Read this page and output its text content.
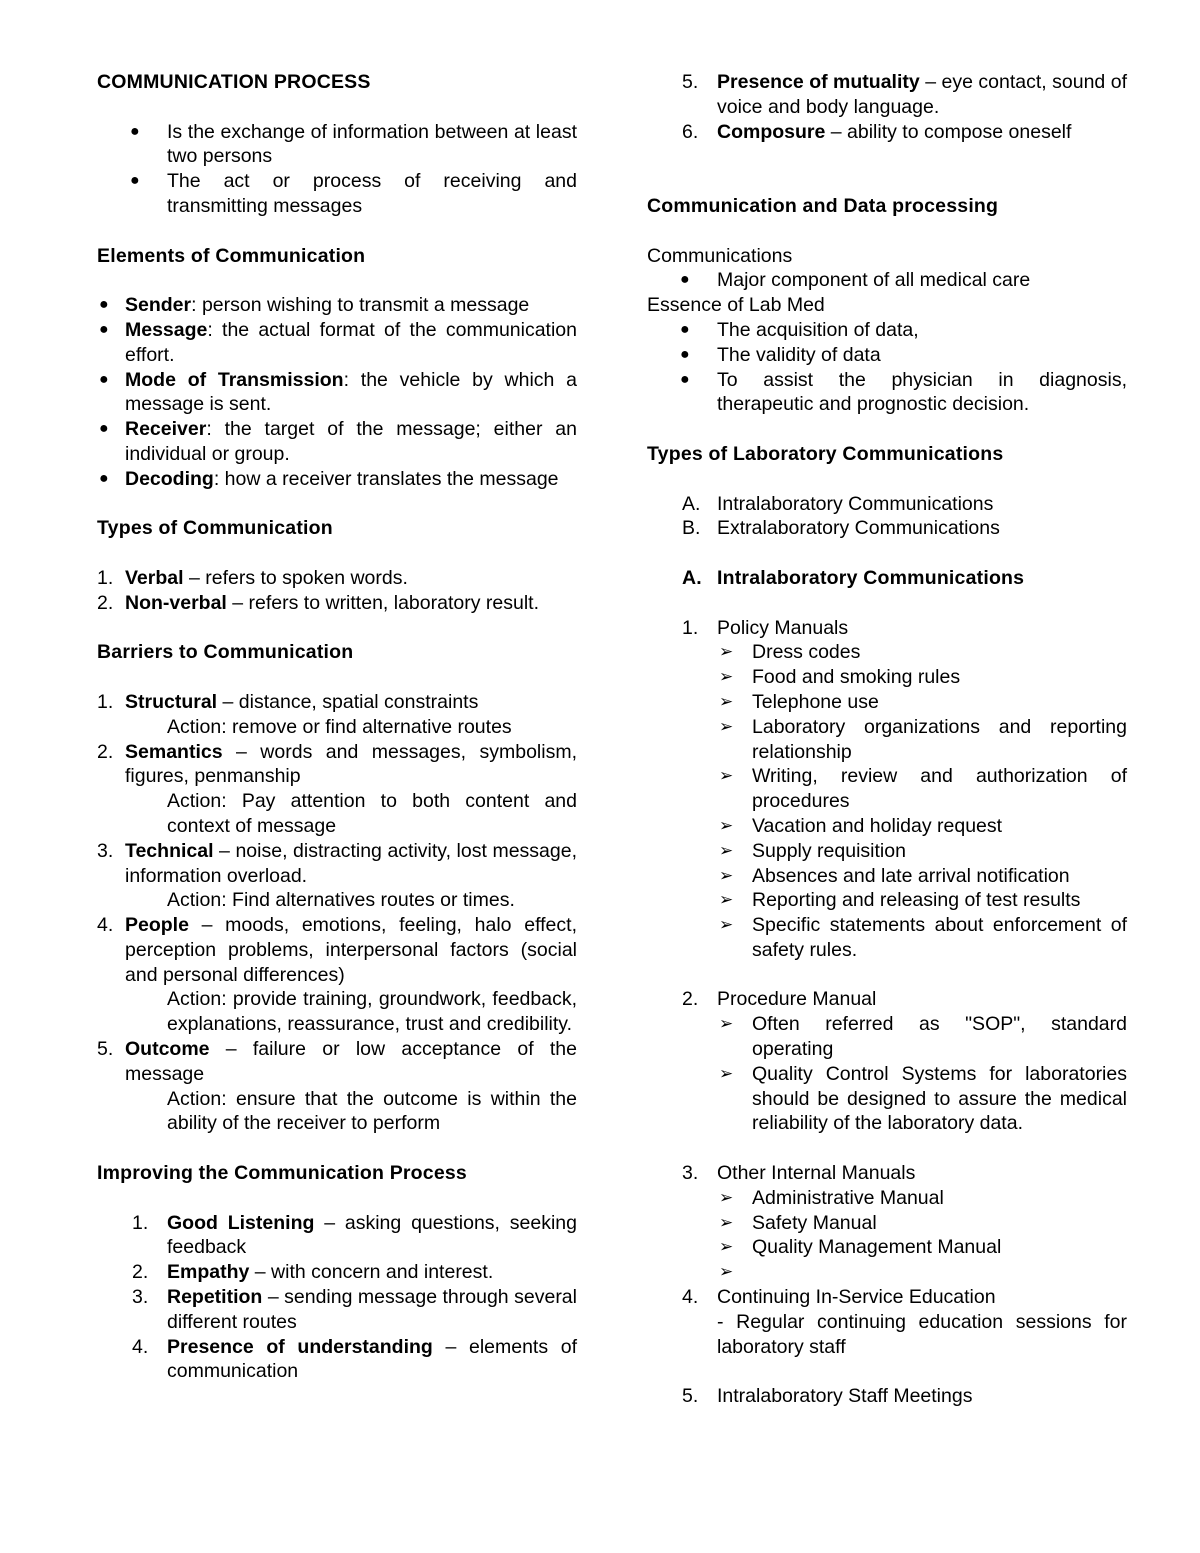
COMMUNICATION PROCESS
● Is the exchange of information between at least two persons
● The act or process of receiving and transmitting messages
Elements of Communication
● Sender: person wishing to transmit a message
● Message: the actual format of the communication effort.
● Mode of Transmission: the vehicle by which a message is sent.
● Receiver: the target of the message; either an individual or group.
● Decoding: how a receiver translates the message
Types of Communication
1. Verbal – refers to spoken words.
2. Non-verbal – refers to written, laboratory result.
Barriers to Communication
1. Structural – distance, spatial constraints
Action: remove or find alternative routes
2. Semantics – words and messages, symbolism, figures, penmanship
Action: Pay attention to both content and context of message
3. Technical – noise, distracting activity, lost message, information overload.
Action: Find alternatives routes or times.
4. People – moods, emotions, feeling, halo effect, perception problems, interpersonal factors (social and personal differences)
Action: provide training, groundwork, feedback, explanations, reassurance, trust and credibility.
5. Outcome – failure or low acceptance of the message
Action: ensure that the outcome is within the ability of the receiver to perform
Improving the Communication Process
1. Good Listening – asking questions, seeking feedback
2. Empathy – with concern and interest.
3. Repetition – sending message through several different routes
4. Presence of understanding – elements of communication
5. Presence of mutuality – eye contact, sound of voice and body language.
6. Composure – ability to compose oneself
Communication and Data processing
Communications
● Major component of all medical care
Essence of Lab Med
● The acquisition of data,
● The validity of data
● To assist the physician in diagnosis, therapeutic and prognostic decision.
Types of Laboratory Communications
A. Intralaboratory Communications
B. Extralaboratory Communications
A. Intralaboratory Communications
1. Policy Manuals
➢ Dress codes
➢ Food and smoking rules
➢ Telephone use
➢ Laboratory organizations and reporting relationship
➢ Writing, review and authorization of procedures
➢ Vacation and holiday request
➢ Supply requisition
➢ Absences and late arrival notification
➢ Reporting and releasing of test results
➢ Specific statements about enforcement of safety rules.
2. Procedure Manual
➢ Often referred as "SOP", standard operating
➢ Quality Control Systems for laboratories should be designed to assure the medical reliability of the laboratory data.
3. Other Internal Manuals
➢ Administrative Manual
➢ Safety Manual
➢ Quality Management Manual
➢
4. Continuing In-Service Education
- Regular continuing education sessions for laboratory staff
5. Intralaboratory Staff Meetings
